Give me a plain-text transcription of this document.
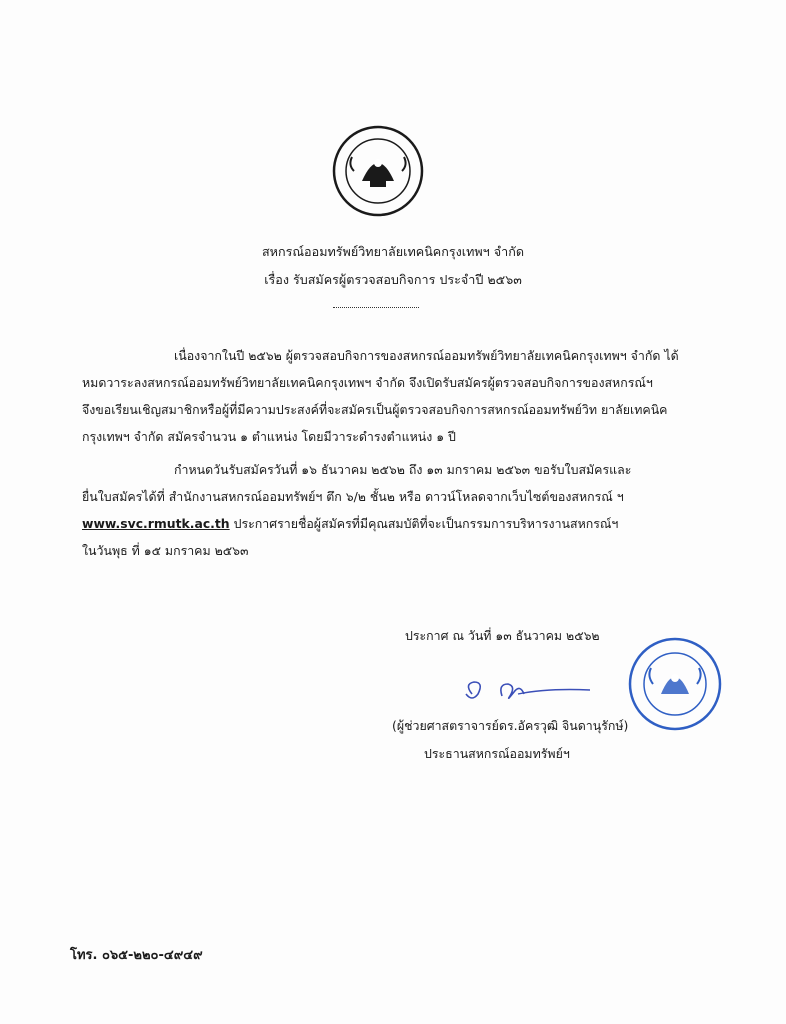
สหกรณ์ออมทรัพย์วิทยาลัยเทคนิคกรุงเทพฯ จำกัด
เรื่อง รับสมัครผู้ตรวจสอบกิจการ ประจำปี ๒๕๖๓
เนื่องจากในปี ๒๕๖๒ ผู้ตรวจสอบกิจการของสหกรณ์ออมทรัพย์วิทยาลัยเทคนิคกรุงเทพฯ จำกัด ได้
หมดวาระลงสหกรณ์ออมทรัพย์วิทยาลัยเทคนิคกรุงเทพฯ จำกัด จึงเปิดรับสมัครผู้ตรวจสอบกิจการของสหกรณ์ฯ
จึงขอเรียนเชิญสมาชิกหรือผู้ที่มีความประสงค์ที่จะสมัครเป็นผู้ตรวจสอบกิจการสหกรณ์ออมทรัพย์วิท ยาลัยเทคนิค
กรุงเทพฯ จำกัด สมัครจำนวน ๑ ตำแหน่ง โดยมีวาระดำรงตำแหน่ง ๑ ปี
กำหนดวันรับสมัครวันที่ ๑๖ ธันวาคม ๒๕๖๒ ถึง ๑๓ มกราคม ๒๕๖๓ ขอรับใบสมัครและ
ยื่นใบสมัครได้ที่ สำนักงานสหกรณ์ออมทรัพย์ฯ ตึก ๖/๒ ชั้น๒ หรือ ดาวน์โหลดจากเว็บไซต์ของสหกรณ์ ฯ
www.svc.rmutk.ac.th ประกาศรายชื่อผู้สมัครที่มีคุณสมบัติที่จะเป็นกรรมการบริหารงานสหกรณ์ฯ
ในวันพุธ ที่ ๑๕ มกราคม ๒๕๖๓
ประกาศ ณ วันที่ ๑๓ ธันวาคม ๒๕๖๒
(ผู้ช่วยศาสตราจารย์ดร.อัครวุฒิ จินดานุรักษ์)
ประธานสหกรณ์ออมทรัพย์ฯ
โทร. ๐๖๕-๒๒๐-๔๙๔๙
